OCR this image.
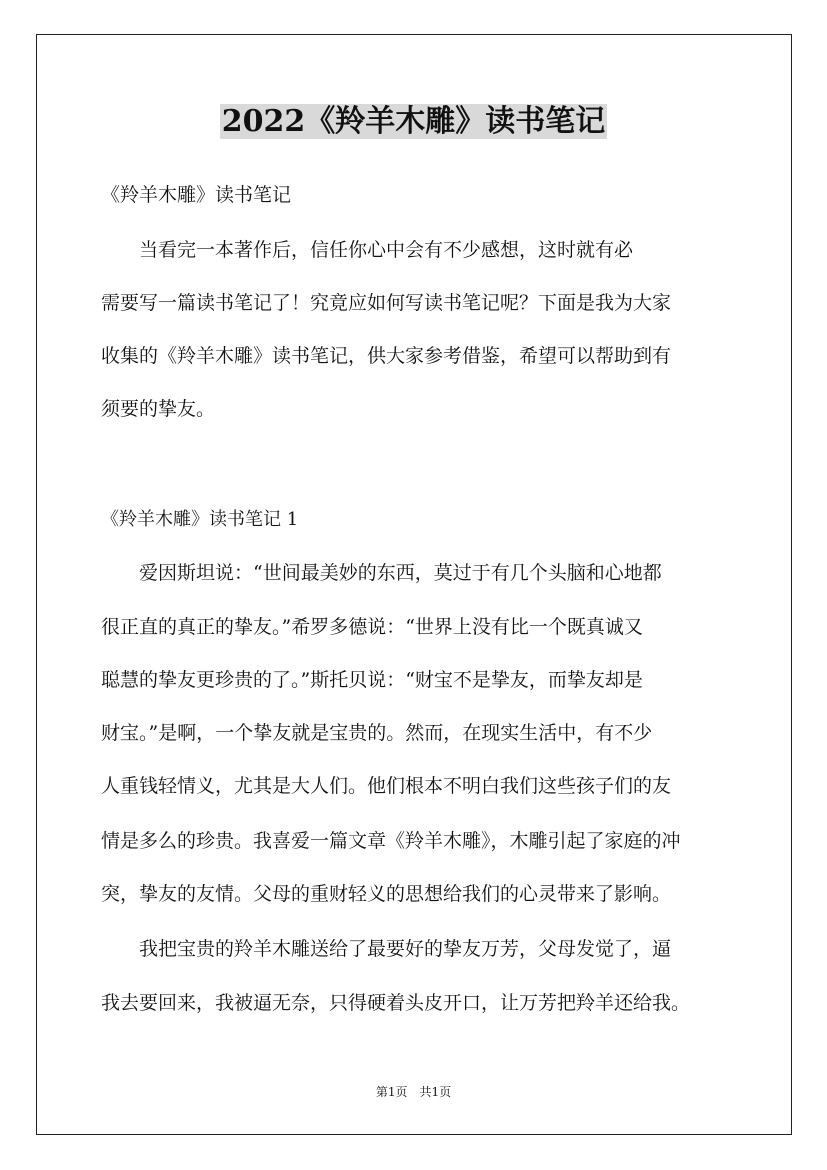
2022《羚羊木雕》读书笔记
《羚羊木雕》读书笔记
　　当看完一本著作后，信任你心中会有不少感想，这时就有必
需要写一篇读书笔记了！究竟应如何写读书笔记呢？下面是我为大家
收集的《羚羊木雕》读书笔记，供大家参考借鉴，希望可以帮助到有
须要的挚友。
《羚羊木雕》读书笔记 1
　　爱因斯坦说：“世间最美妙的东西，莫过于有几个头脑和心地都
很正直的真正的挚友。”希罗多德说：“世界上没有比一个既真诚又
聪慧的挚友更珍贵的了。”斯托贝说：“财宝不是挚友，而挚友却是
财宝。”是啊，一个挚友就是宝贵的。然而，在现实生活中，有不少
人重钱轻情义，尤其是大人们。他们根本不明白我们这些孩子们的友
情是多么的珍贵。我喜爱一篇文章《羚羊木雕》，木雕引起了家庭的冲
突，挚友的友情。父母的重财轻义的思想给我们的心灵带来了影响。
　　我把宝贵的羚羊木雕送给了最要好的挚友万芳，父母发觉了，逼
我去要回来，我被逼无奈，只得硬着头皮开口，让万芳把羚羊还给我。
第1页　共1页
